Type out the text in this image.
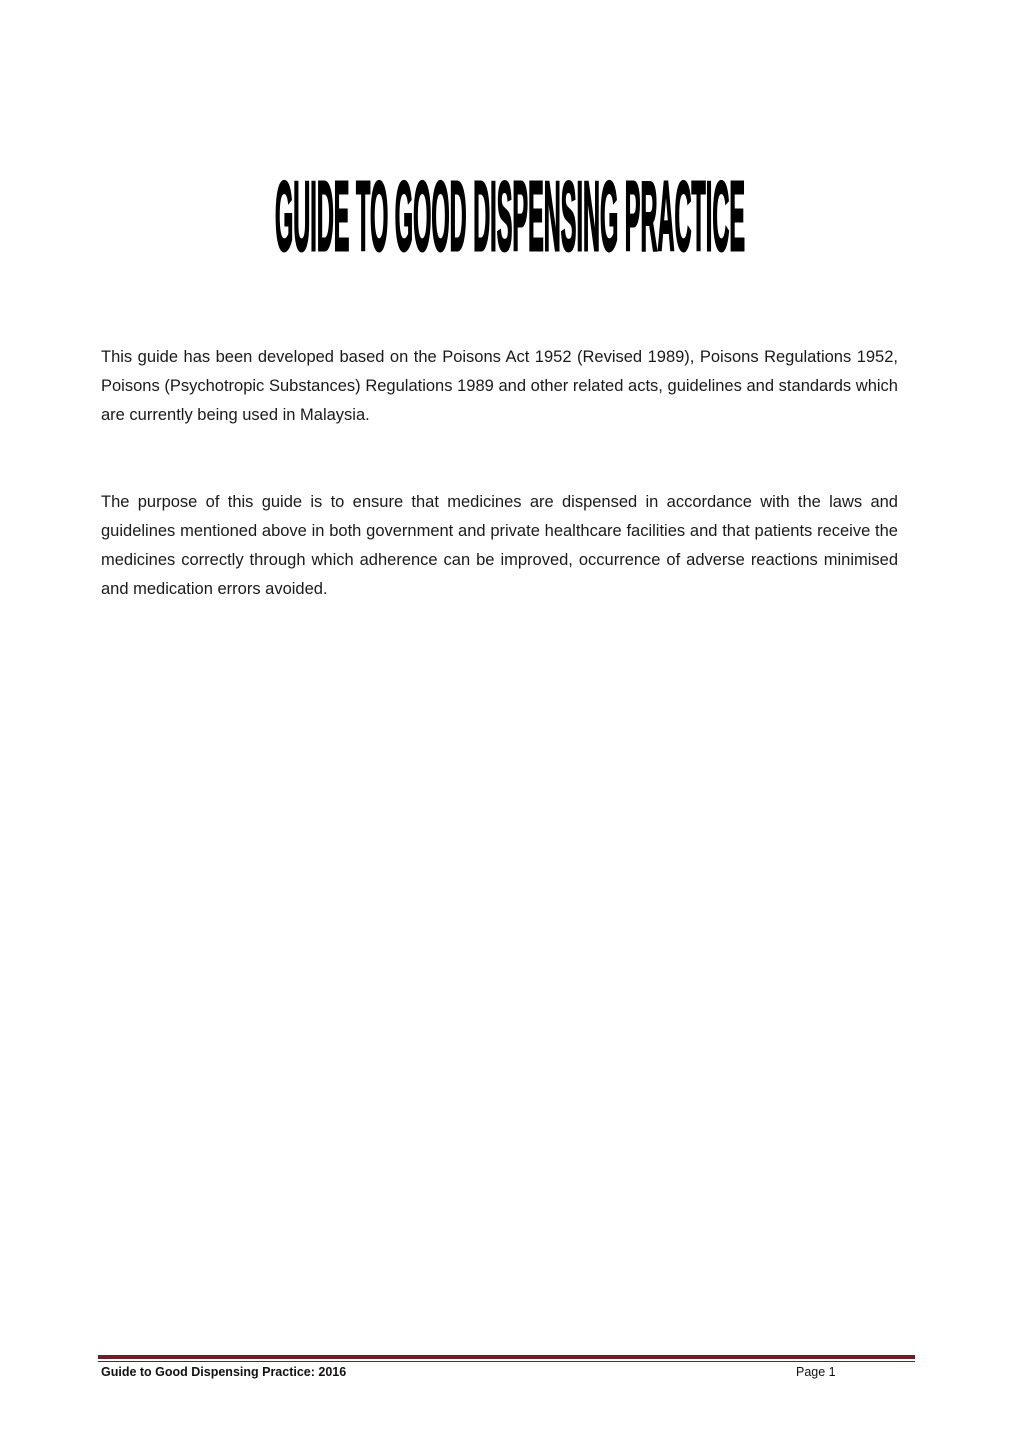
GUIDE TO GOOD DISPENSING PRACTICE

This guide has been developed based on the Poisons Act 1952 (Revised 1989), Poisons Regulations 1952, Poisons (Psychotropic Substances) Regulations 1989 and other related acts, guidelines and standards which are currently being used in Malaysia.

The purpose of this guide is to ensure that medicines are dispensed in accordance with the laws and guidelines mentioned above in both government and private healthcare facilities and that patients receive the medicines correctly through which adherence can be improved, occurrence of adverse reactions minimised and medication errors avoided.

Guide to Good Dispensing Practice: 2016	Page 1
